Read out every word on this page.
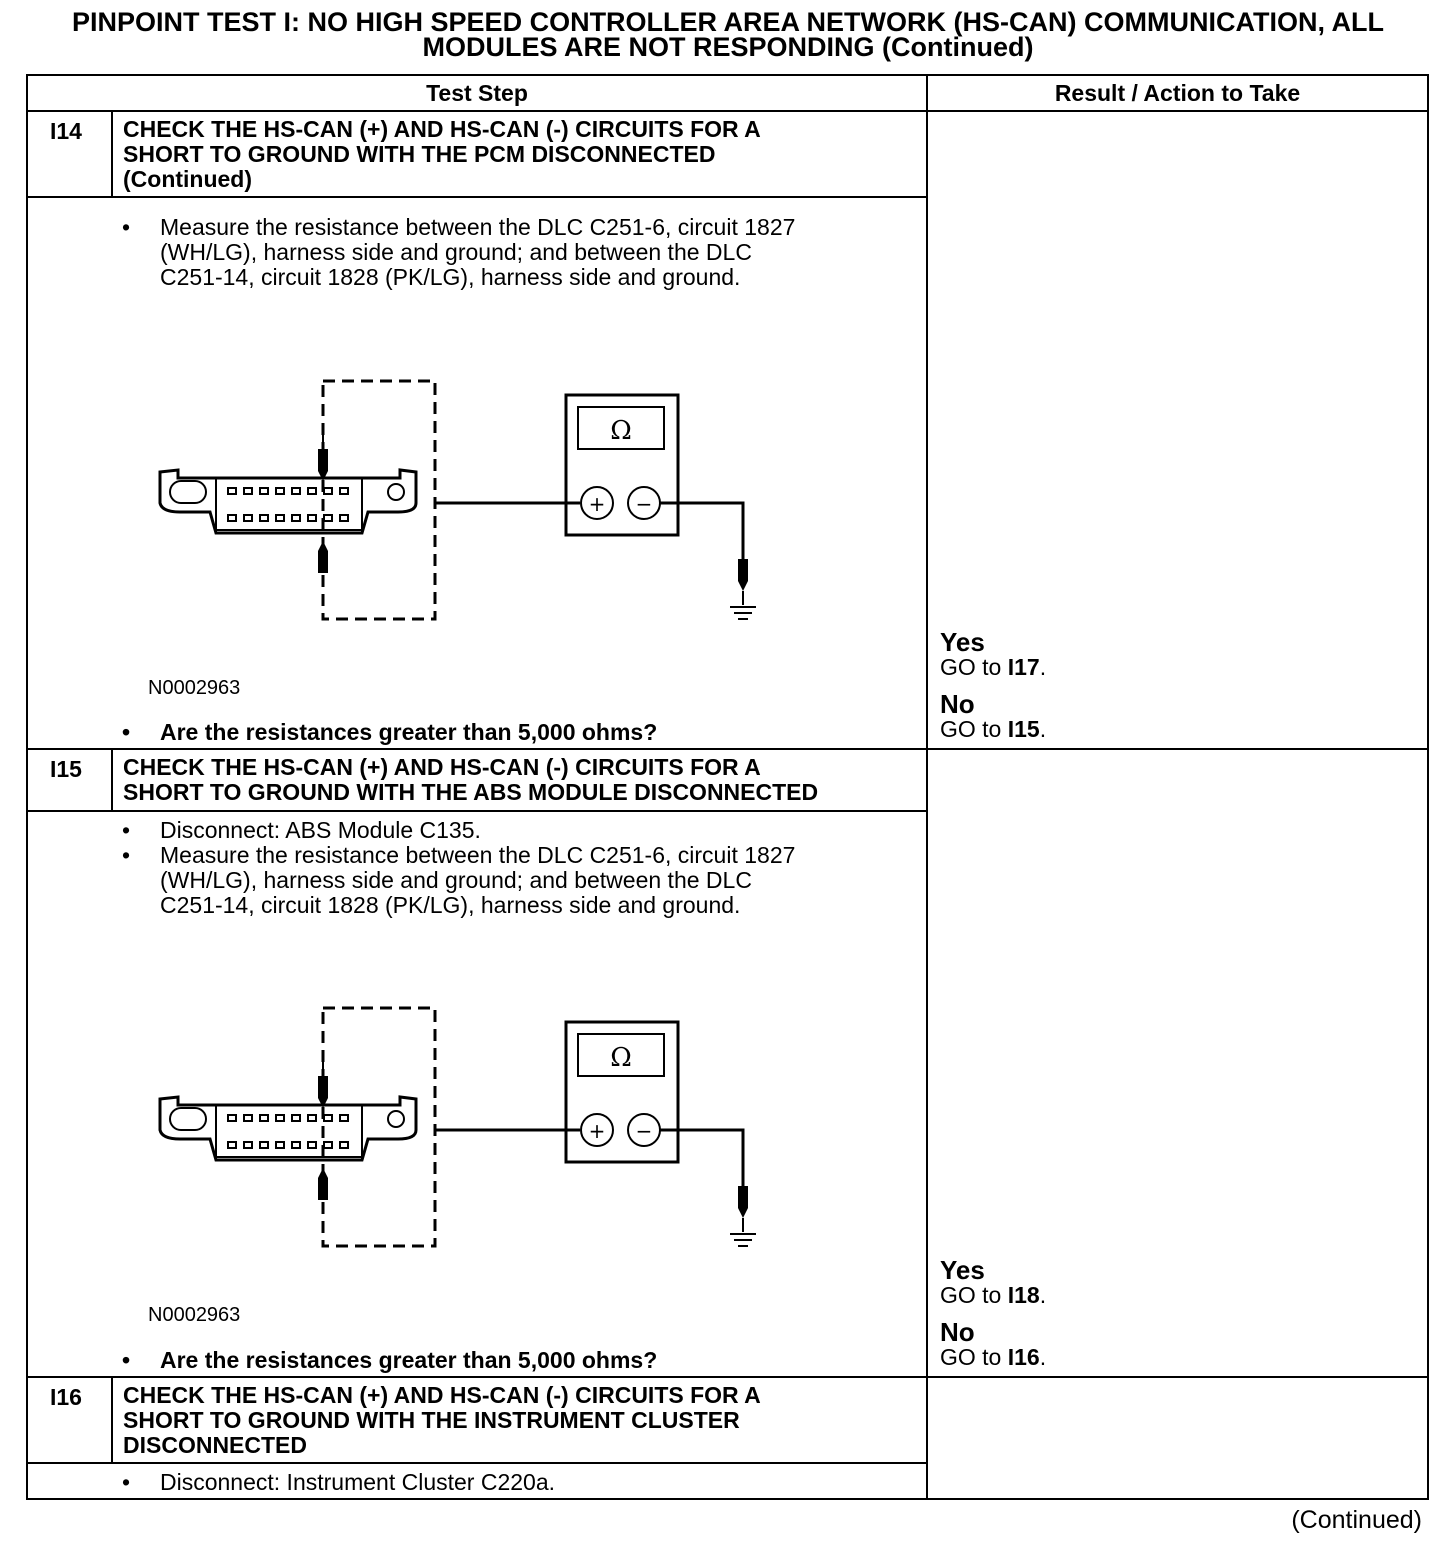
PINPOINT TEST I: NO HIGH SPEED CONTROLLER AREA NETWORK (HS-CAN) COMMUNICATION, ALL
MODULES ARE NOT RESPONDING (Continued)
Test Step	Result / Action to Take
I14 CHECK THE HS-CAN (+) AND HS-CAN (-) CIRCUITS FOR A
SHORT TO GROUND WITH THE PCM DISCONNECTED
(Continued)
• Measure the resistance between the DLC C251-6, circuit 1827
(WH/LG), harness side and ground; and between the DLC
C251-14, circuit 1828 (PK/LG), harness side and ground.
Ω
+ −
N0002963
• Are the resistances greater than 5,000 ohms?
Yes
GO to I17.
No
GO to I15.
I15 CHECK THE HS-CAN (+) AND HS-CAN (-) CIRCUITS FOR A
SHORT TO GROUND WITH THE ABS MODULE DISCONNECTED
• Disconnect: ABS Module C135.
• Measure the resistance between the DLC C251-6, circuit 1827
(WH/LG), harness side and ground; and between the DLC
C251-14, circuit 1828 (PK/LG), harness side and ground.
Ω
+ −
N0002963
• Are the resistances greater than 5,000 ohms?
Yes
GO to I18.
No
GO to I16.
I16 CHECK THE HS-CAN (+) AND HS-CAN (-) CIRCUITS FOR A
SHORT TO GROUND WITH THE INSTRUMENT CLUSTER
DISCONNECTED
• Disconnect: Instrument Cluster C220a.
(Continued)
